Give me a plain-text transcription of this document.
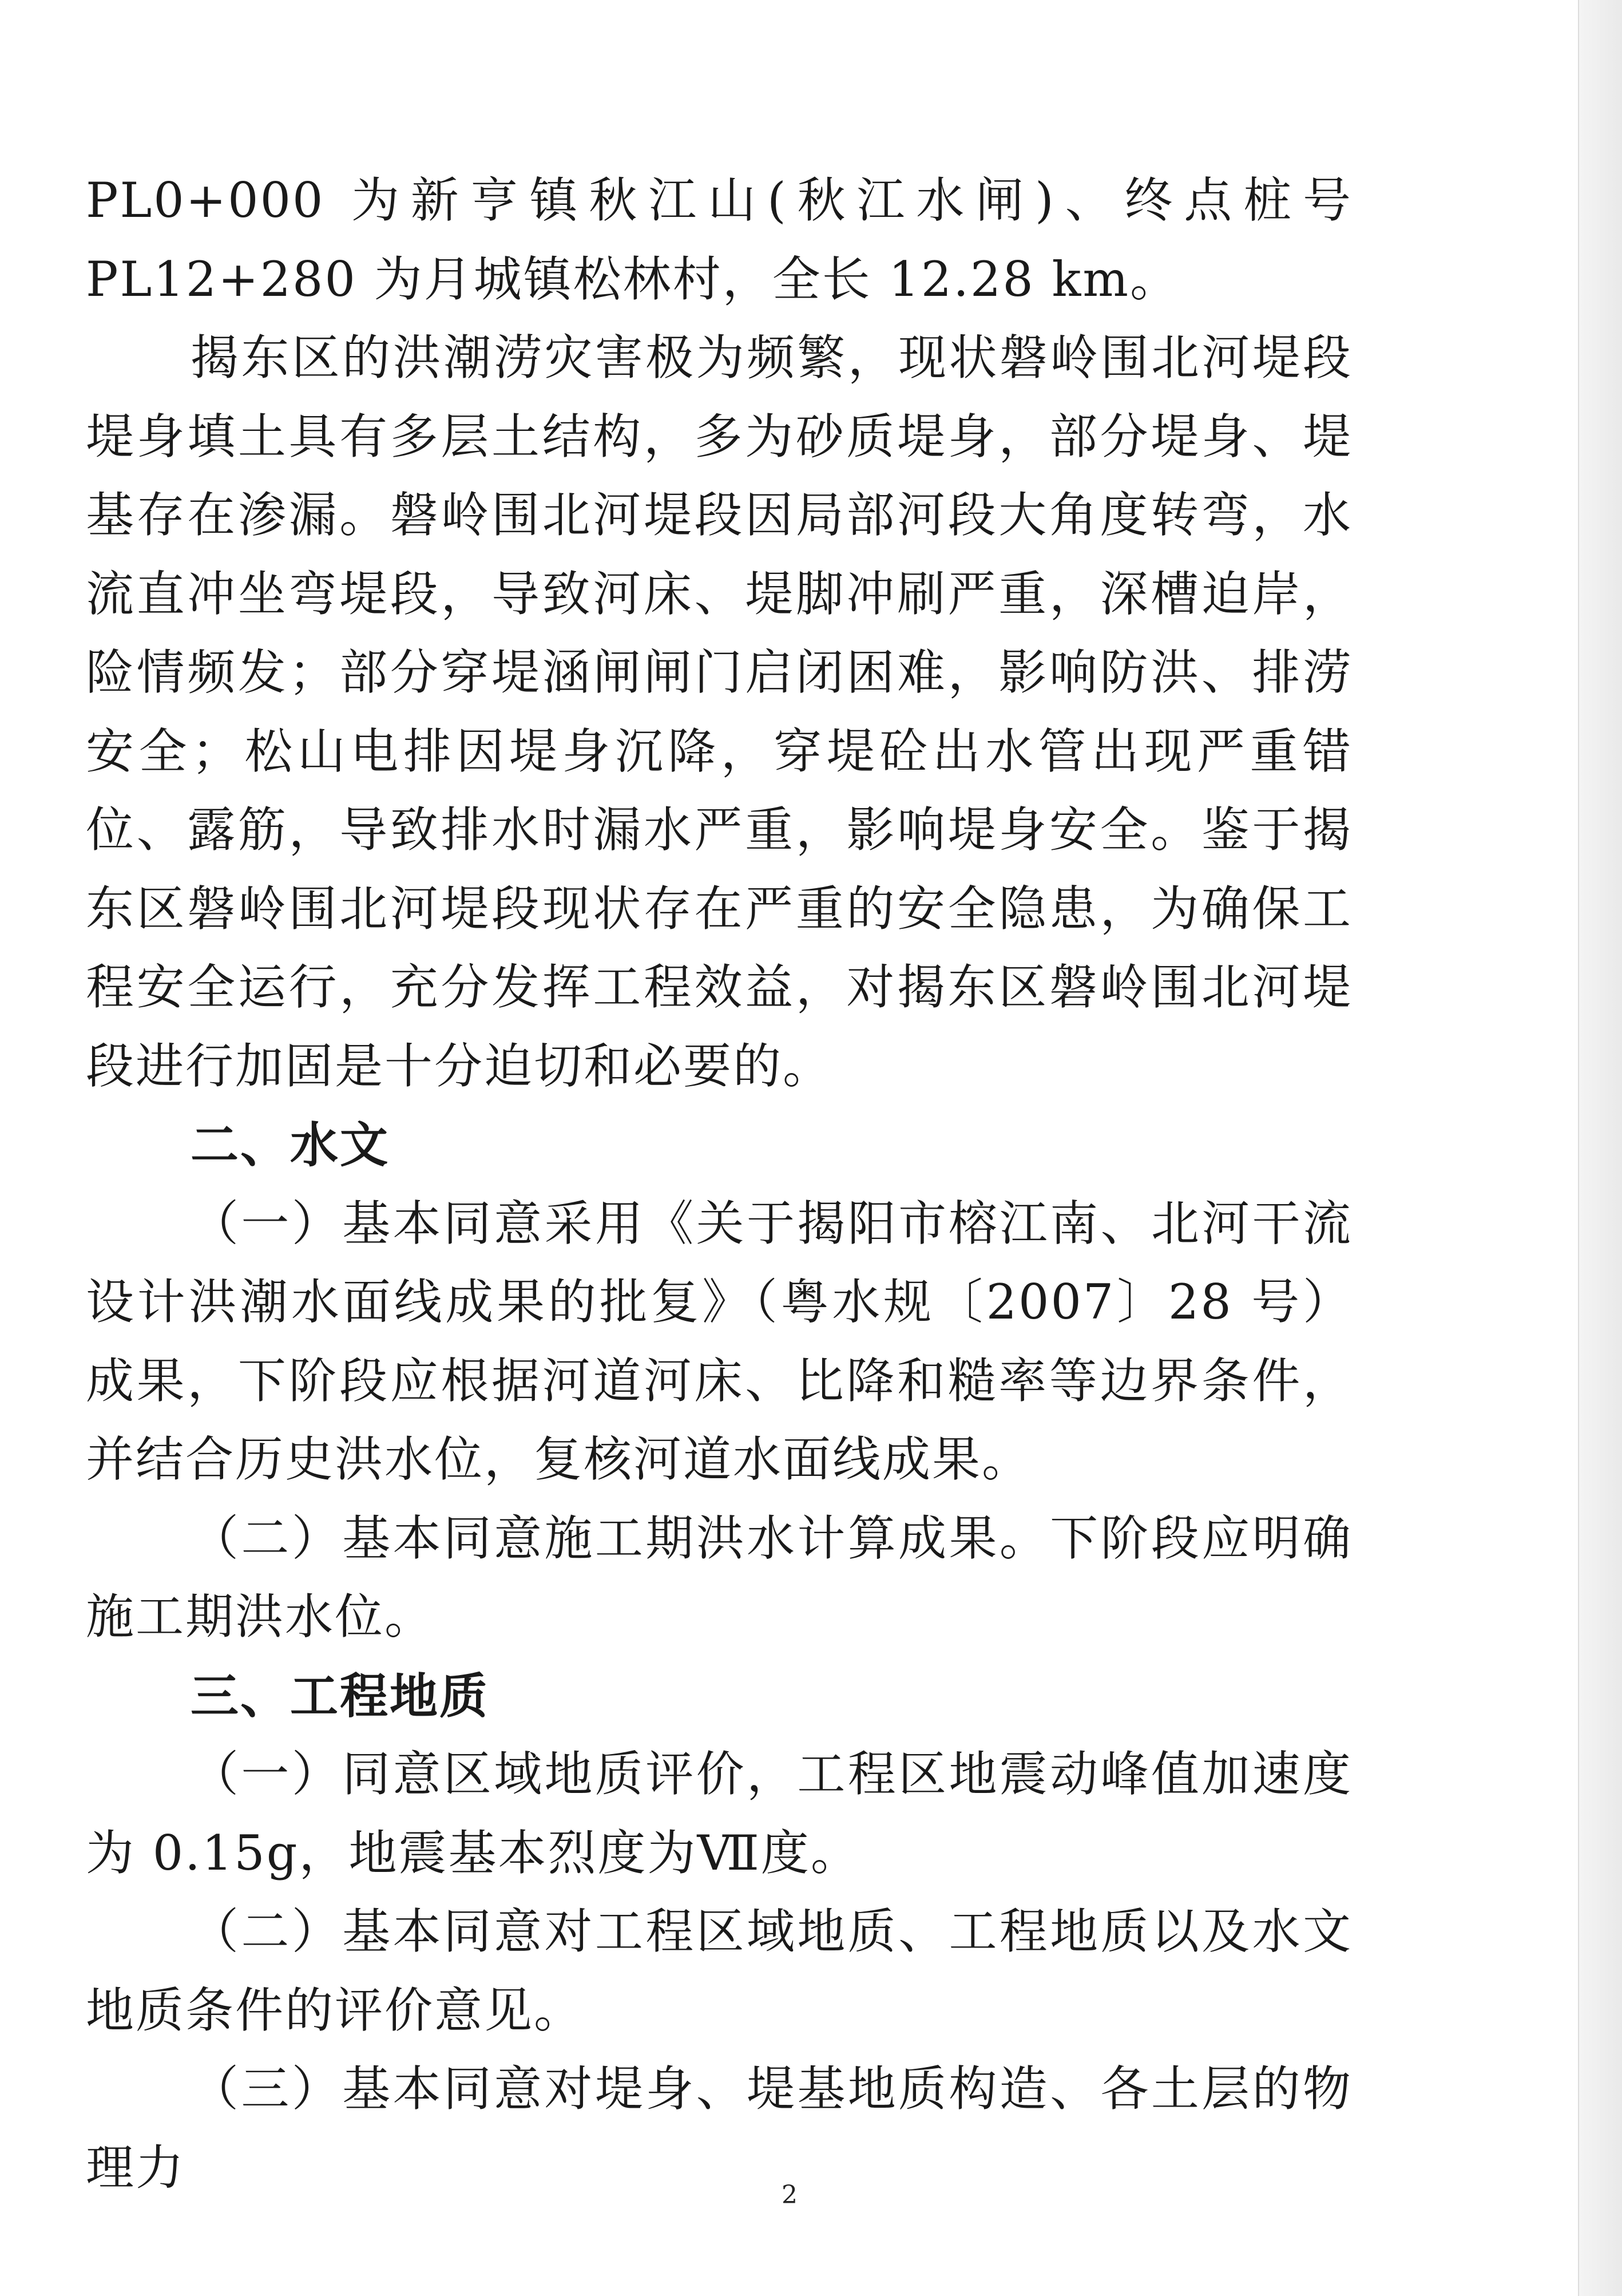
PL0+000 为新亨镇秋江山(秋江水闸)、终点桩号 PL12+280 为月城镇松林村，全长 12.28 km。

揭东区的洪潮涝灾害极为频繁，现状磐岭围北河堤段堤身填土具有多层土结构，多为砂质堤身，部分堤身、堤基存在渗漏。磐岭围北河堤段因局部河段大角度转弯，水流直冲坐弯堤段，导致河床、堤脚冲刷严重，深槽迫岸，险情频发；部分穿堤涵闸闸门启闭困难，影响防洪、排涝安全；松山电排因堤身沉降，穿堤砼出水管出现严重错位、露筋，导致排水时漏水严重，影响堤身安全。鉴于揭东区磐岭围北河堤段现状存在严重的安全隐患，为确保工程安全运行，充分发挥工程效益，对揭东区磐岭围北河堤段进行加固是十分迫切和必要的。

二、水文

（一）基本同意采用《关于揭阳市榕江南、北河干流设计洪潮水面线成果的批复》（粤水规〔2007〕28 号）成果，下阶段应根据河道河床、比降和糙率等边界条件，并结合历史洪水位，复核河道水面线成果。

（二）基本同意施工期洪水计算成果。下阶段应明确施工期洪水位。

三、工程地质

（一）同意区域地质评价，工程区地震动峰值加速度为 0.15g，地震基本烈度为Ⅶ度。

（二）基本同意对工程区域地质、工程地质以及水文地质条件的评价意见。

（三）基本同意对堤身、堤基地质构造、各土层的物理力	2
